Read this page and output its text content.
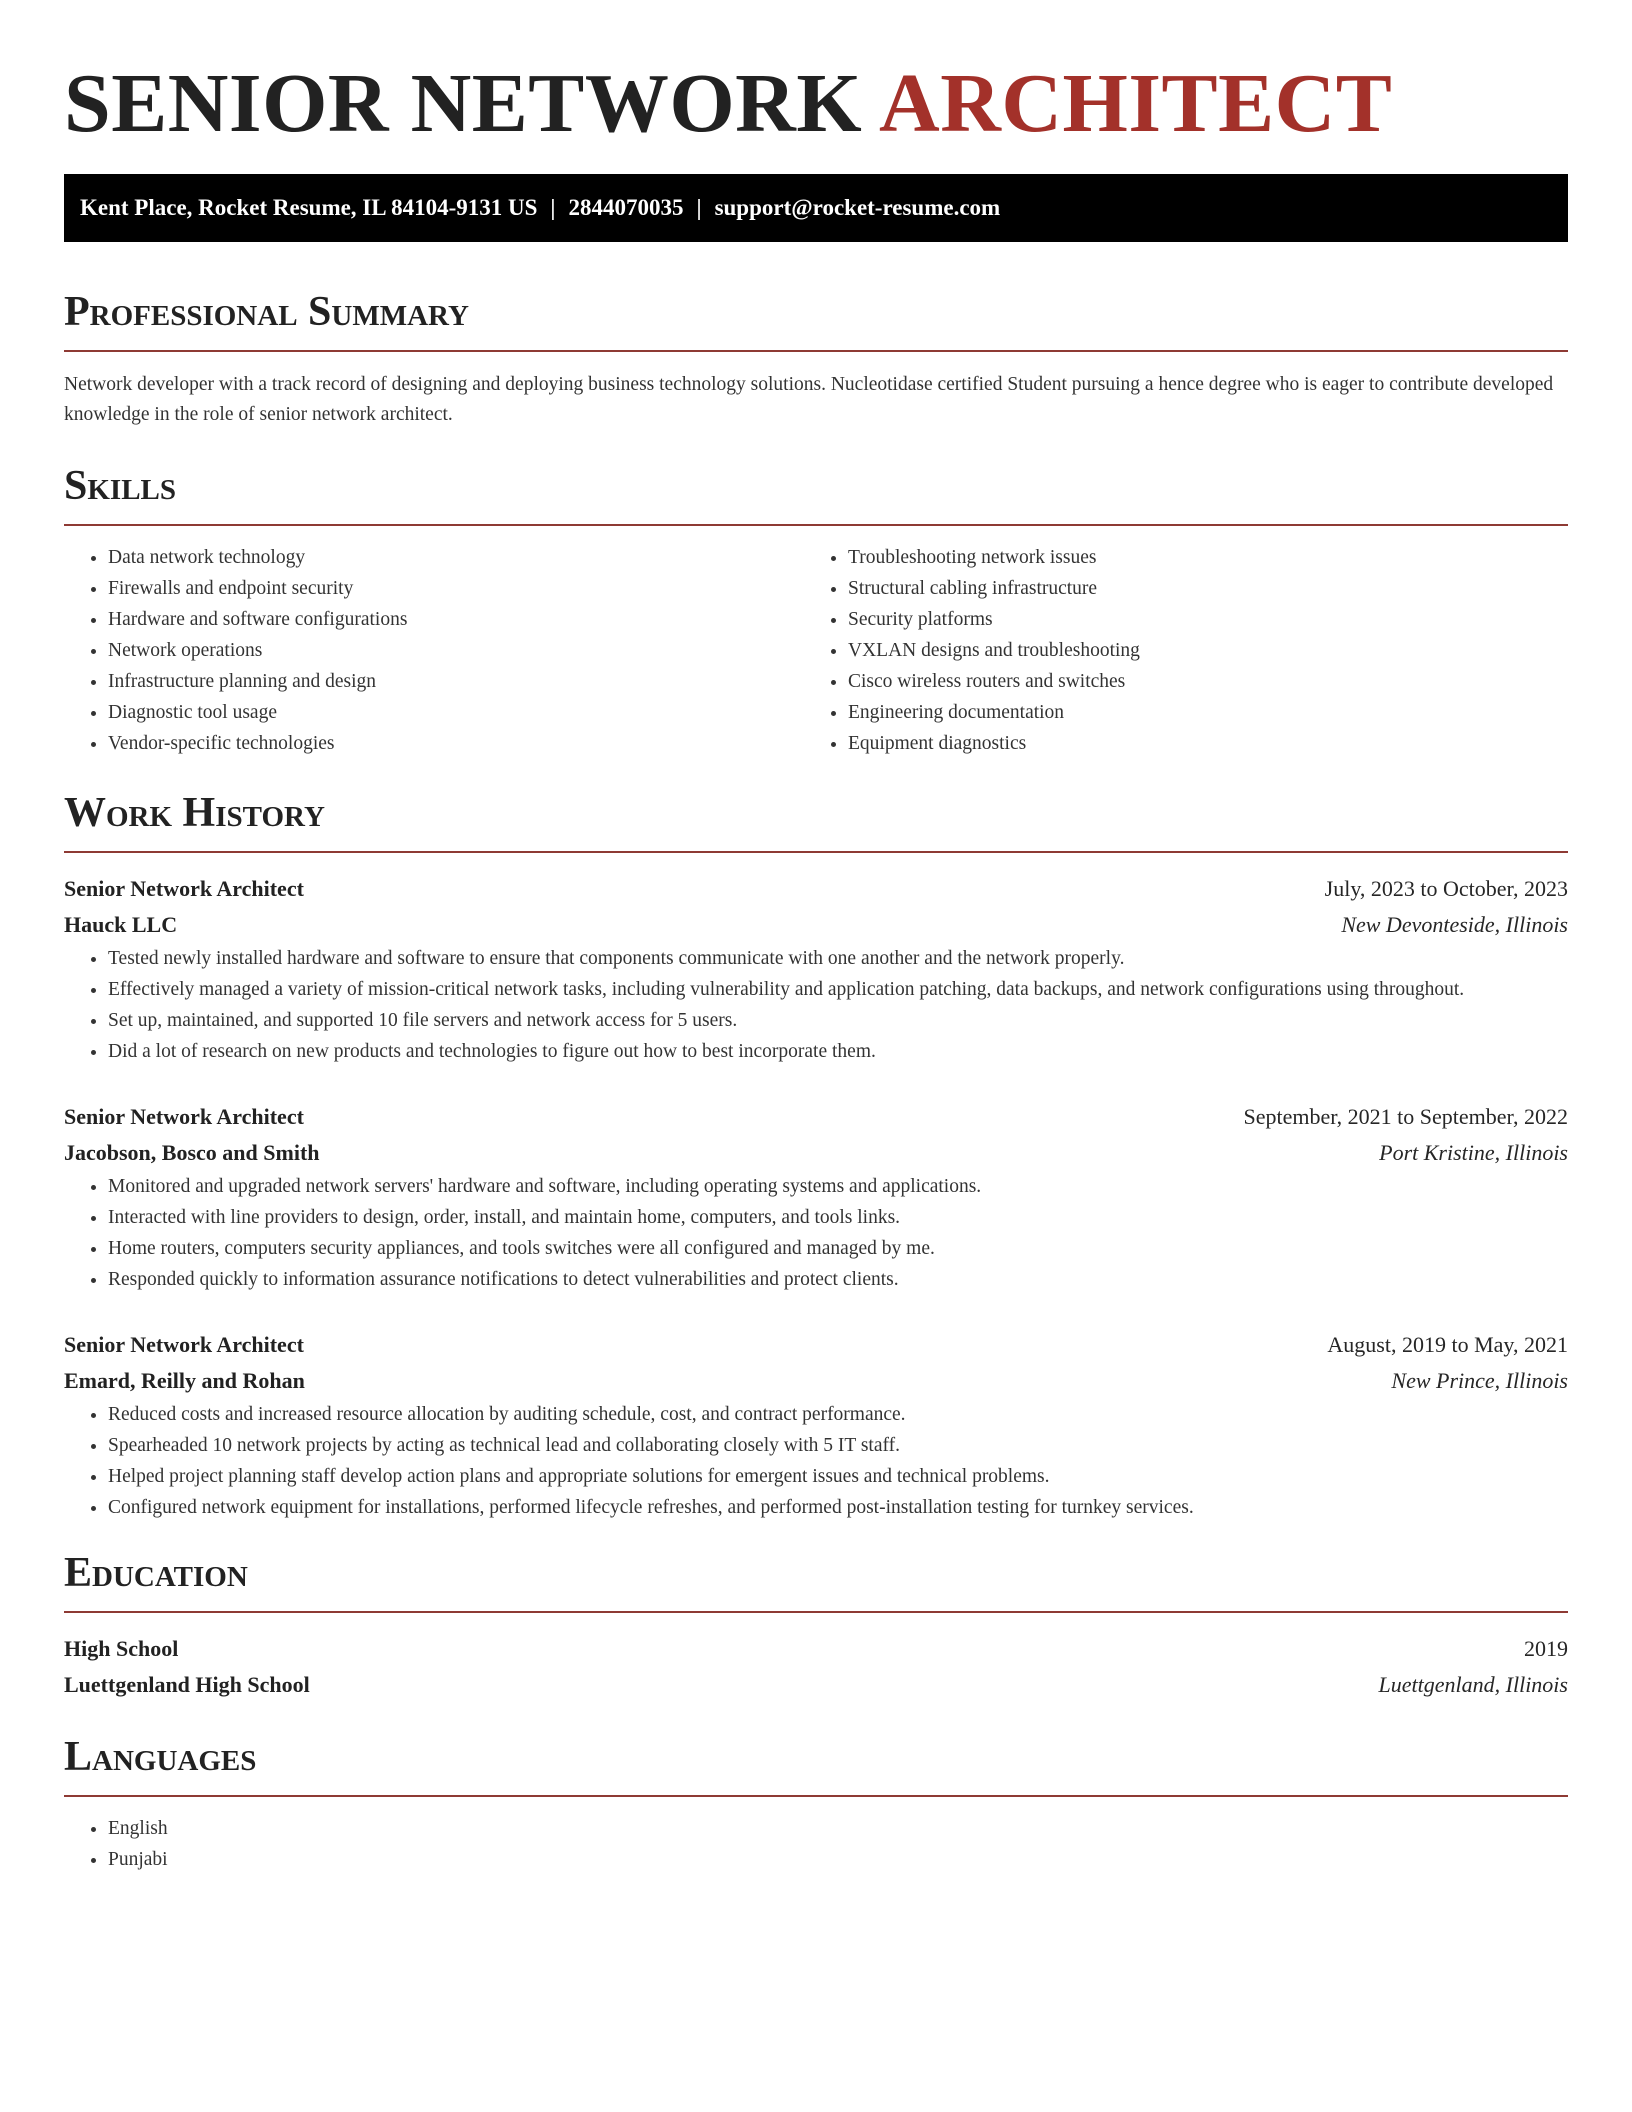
SENIOR NETWORK ARCHITECT
Kent Place, Rocket Resume, IL 84104-9131 US | 2844070035 | support@rocket-resume.com
Professional Summary

Network developer with a track record of designing and deploying business technology solutions. Nucleotidase certified Student pursuing a hence degree who is eager to contribute developed knowledge in the role of senior network architect.

Skills
• Data network technology
• Firewalls and endpoint security
• Hardware and software configurations
• Network operations
• Infrastructure planning and design
• Diagnostic tool usage
• Vendor-specific technologies
• Troubleshooting network issues
• Structural cabling infrastructure
• Security platforms
• VXLAN designs and troubleshooting
• Cisco wireless routers and switches
• Engineering documentation
• Equipment diagnostics
Work History
Senior Network Architect	July, 2023 to October, 2023
Hauck LLC	New Devonteside, Illinois
• Tested newly installed hardware and software to ensure that components communicate with one another and the network properly.
• Effectively managed a variety of mission-critical network tasks, including vulnerability and application patching, data backups, and network configurations using throughout.
• Set up, maintained, and supported 10 file servers and network access for 5 users.
• Did a lot of research on new products and technologies to figure out how to best incorporate them.
Senior Network Architect	September, 2021 to September, 2022
Jacobson, Bosco and Smith	Port Kristine, Illinois
• Monitored and upgraded network servers' hardware and software, including operating systems and applications.
• Interacted with line providers to design, order, install, and maintain home, computers, and tools links.
• Home routers, computers security appliances, and tools switches were all configured and managed by me.
• Responded quickly to information assurance notifications to detect vulnerabilities and protect clients.
Senior Network Architect	August, 2019 to May, 2021
Emard, Reilly and Rohan	New Prince, Illinois
• Reduced costs and increased resource allocation by auditing schedule, cost, and contract performance.
• Spearheaded 10 network projects by acting as technical lead and collaborating closely with 5 IT staff.
• Helped project planning staff develop action plans and appropriate solutions for emergent issues and technical problems.
• Configured network equipment for installations, performed lifecycle refreshes, and performed post-installation testing for turnkey services.
Education
High School	2019
Luettgenland High School	Luettgenland, Illinois
Languages
• English
• Punjabi
